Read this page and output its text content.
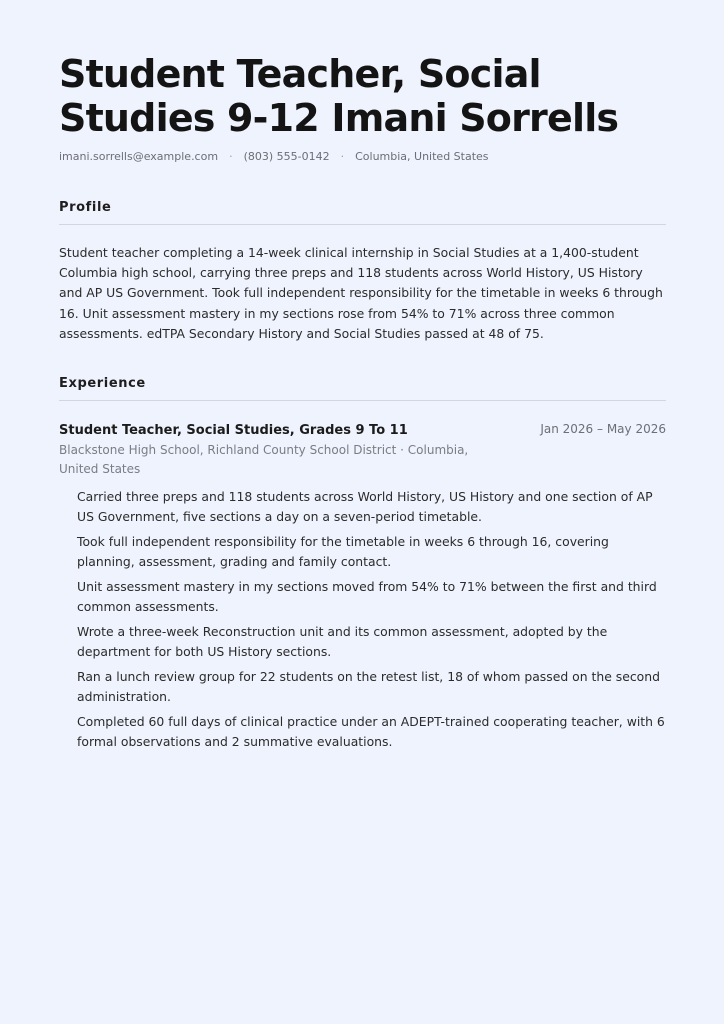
Student Teacher, Social Studies 9-12 Imani Sorrells
imani.sorrells@example.com · (803) 555-0142 · Columbia, United States
Profile

Student teacher completing a 14-week clinical internship in Social Studies at a 1,400-student Columbia high school, carrying three preps and 118 students across World History, US History and AP US Government. Took full independent responsibility for the timetable in weeks 6 through 16. Unit assessment mastery in my sections rose from 54% to 71% across three common assessments. edTPA Secondary History and Social Studies passed at 48 of 75.

Experience
Student Teacher, Social Studies, Grades 9 To 11	Jan 2026 – May 2026
Blackstone High School, Richland County School District · Columbia, United States
Carried three preps and 118 students across World History, US History and one section of AP US Government, five sections a day on a seven-period timetable.
Took full independent responsibility for the timetable in weeks 6 through 16, covering planning, assessment, grading and family contact.
Unit assessment mastery in my sections moved from 54% to 71% between the first and third common assessments.
Wrote a three-week Reconstruction unit and its common assessment, adopted by the department for both US History sections.
Ran a lunch review group for 22 students on the retest list, 18 of whom passed on the second administration.
Completed 60 full days of clinical practice under an ADEPT-trained cooperating teacher, with 6 formal observations and 2 summative evaluations.
